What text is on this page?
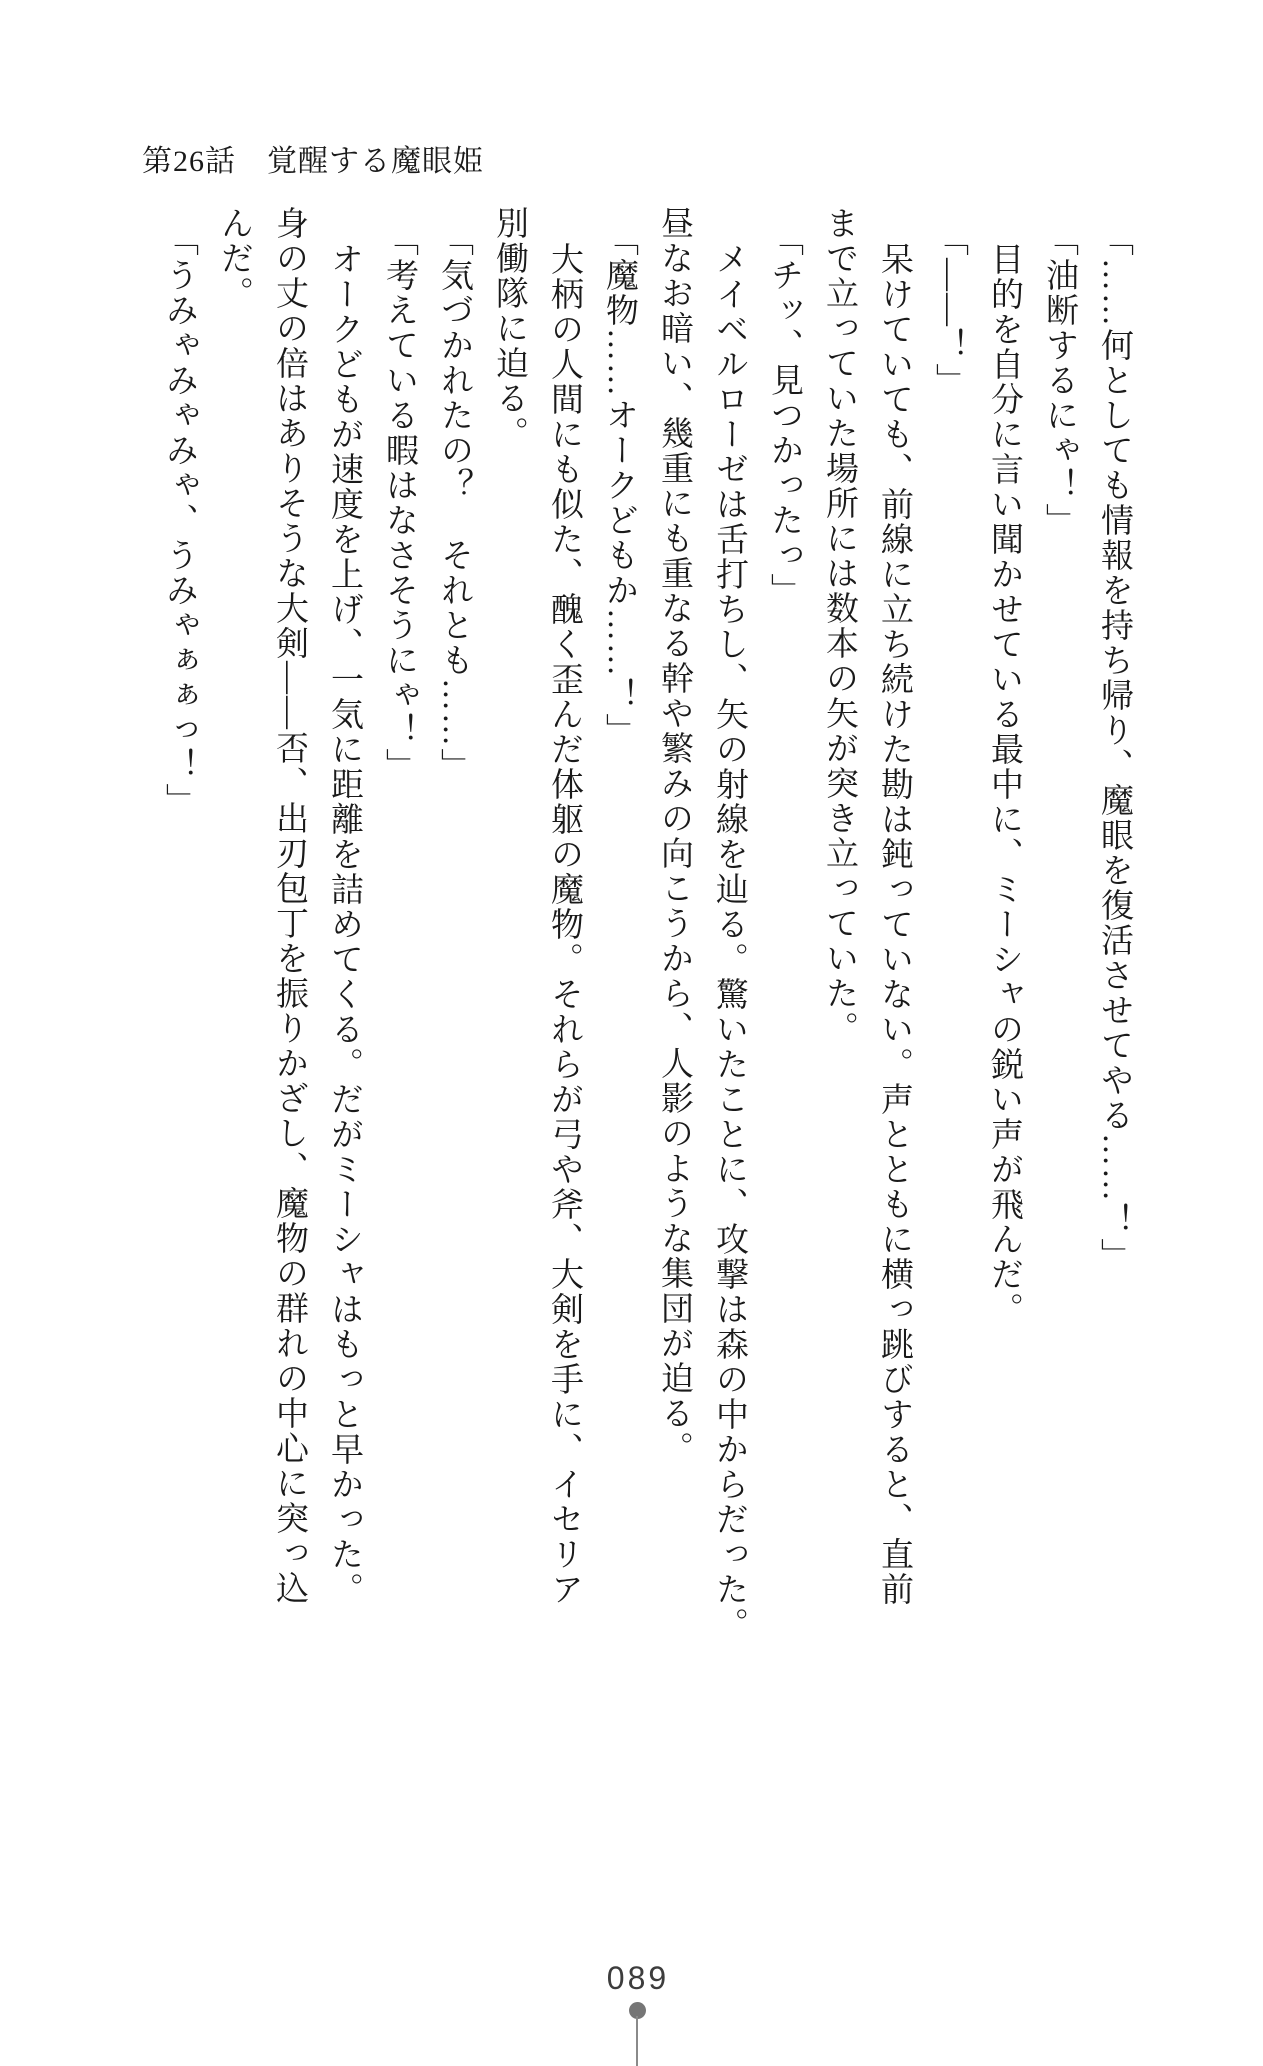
第26話　覚醒する魔眼姫
「……何としても情報を持ち帰り、魔眼を復活させてやる……！」
「油断するにゃ！」
目的を自分に言い聞かせている最中に、ミーシャの鋭い声が飛んだ。
「――！」
呆けていても、前線に立ち続けた勘は鈍っていない。声とともに横っ跳びすると、直前
まで立っていた場所には数本の矢が突き立っていた。
「チッ、見つかったっ」
メイベルローゼは舌打ちし、矢の射線を辿る。驚いたことに、攻撃は森の中からだった。
昼なお暗い、幾重にも重なる幹や繁みの向こうから、人影のような集団が迫る。
「魔物……オークどもか……！」
大柄の人間にも似た、醜く歪んだ体躯の魔物。それらが弓や斧、大剣を手に、イセリア
別働隊に迫る。
「気づかれたの？　それとも……」
「考えている暇はなさそうにゃ！」
オークどもが速度を上げ、一気に距離を詰めてくる。だがミーシャはもっと早かった。
身の丈の倍はありそうな大剣――否、出刃包丁を振りかざし、魔物の群れの中心に突っ込
んだ。
「うみゃみゃみゃ、うみゃぁぁっ！」
089
